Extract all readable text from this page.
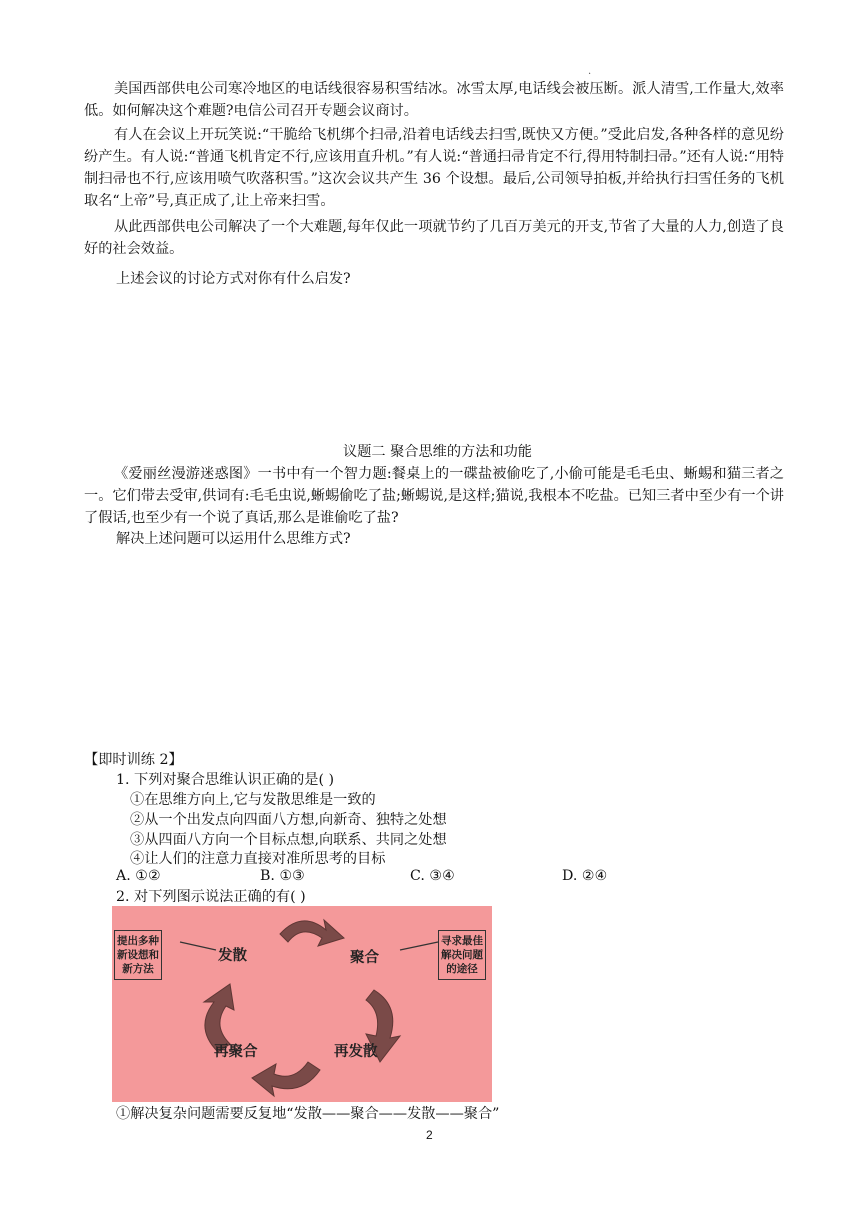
.
美国西部供电公司寒冷地区的电话线很容易积雪结冰。冰雪太厚,电话线会被压断。派人清雪,工作量大,效率低。如何解决这个难题?电信公司召开专题会议商讨。
有人在会议上开玩笑说:“干脆给飞机绑个扫帚,沿着电话线去扫雪,既快又方便。”受此启发,各种各样的意见纷纷产生。有人说:“普通飞机肯定不行,应该用直升机。”有人说:“普通扫帚肯定不行,得用特制扫帚。”还有人说:“用特制扫帚也不行,应该用喷气吹落积雪。”这次会议共产生 36 个设想。最后,公司领导拍板,并给执行扫雪任务的飞机取名“上帝”号,真正成了,让上帝来扫雪。
从此西部供电公司解决了一个大难题,每年仅此一项就节约了几百万美元的开支,节省了大量的人力,创造了良好的社会效益。
上述会议的讨论方式对你有什么启发?
议题二 聚合思维的方法和功能
《爱丽丝漫游迷惑图》一书中有一个智力题:餐桌上的一碟盐被偷吃了,小偷可能是毛毛虫、蜥蜴和猫三者之一。它们带去受审,供词有:毛毛虫说,蜥蜴偷吃了盐;蜥蜴说,是这样;猫说,我根本不吃盐。已知三者中至少有一个讲了假话,也至少有一个说了真话,那么是谁偷吃了盐?
解决上述问题可以运用什么思维方式?
【即时训练 2】
1. 下列对聚合思维认识正确的是( )
①在思维方向上,它与发散思维是一致的
②从一个出发点向四面八方想,向新奇、独特之处想
③从四面八方向一个目标点想,向联系、共同之处想
④让人们的注意力直接对准所思考的目标
A. ①②	B. ①③	C. ③④	D. ②④
2. 对下列图示说法正确的有( )
提出多种新设想和新方法
寻求最佳解决问题的途径
发散	聚合
再发散
再聚合
①解决复杂问题需要反复地“发散——聚合——发散——聚合”
2
